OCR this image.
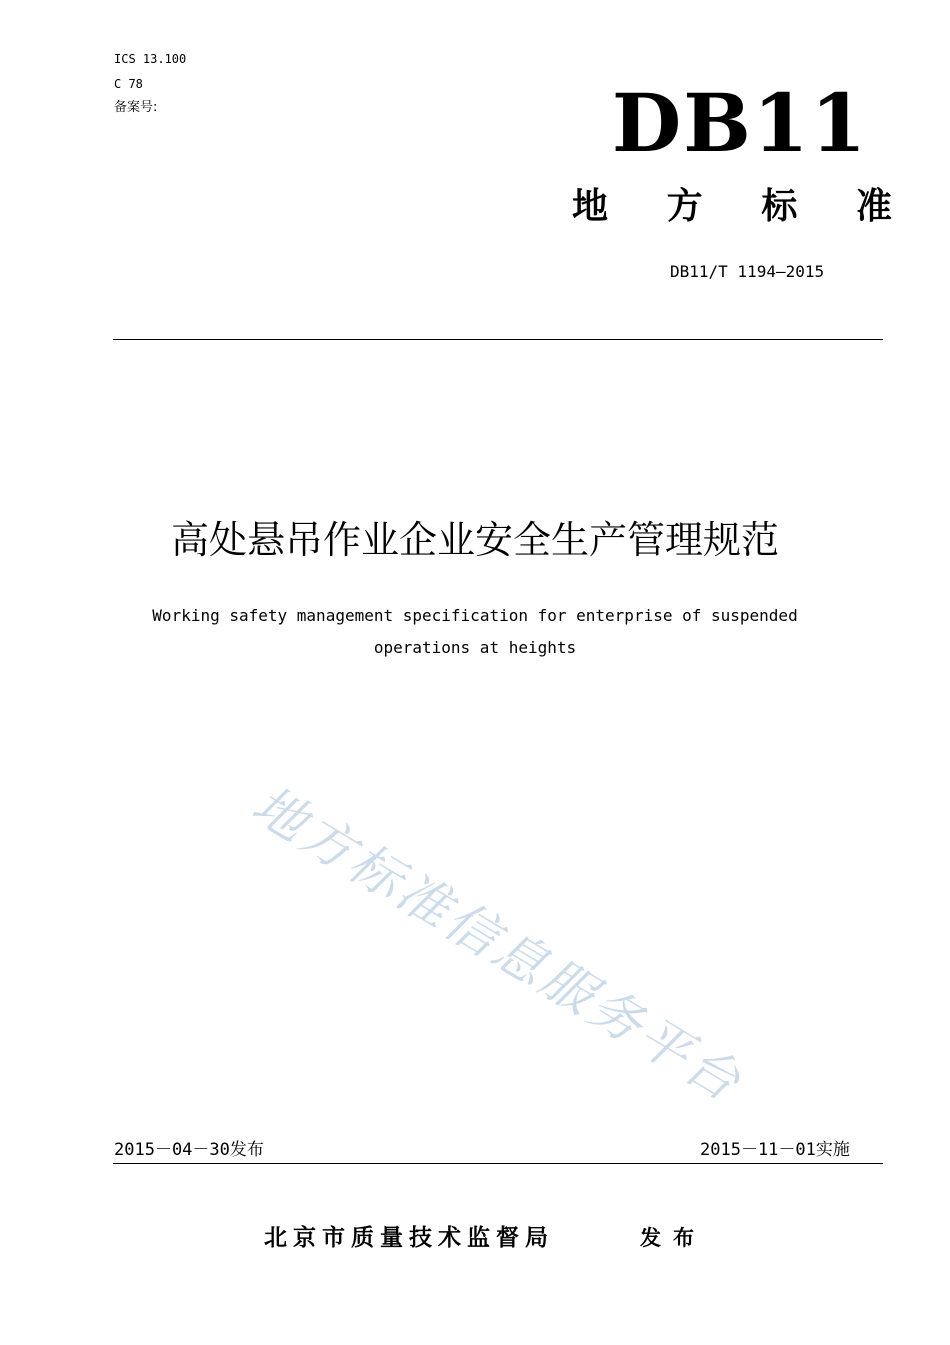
ICS 13.100
C 78
备案号:	DB11
地 方 标 准
DB11/T 1194—2015
高处悬吊作业企业安全生产管理规范
Working safety management specification for enterprise of suspended
operations at heights
地方标准信息服务平台
2015－04－30发布	2015－11－01实施
北京市质量技术监督局	发布
